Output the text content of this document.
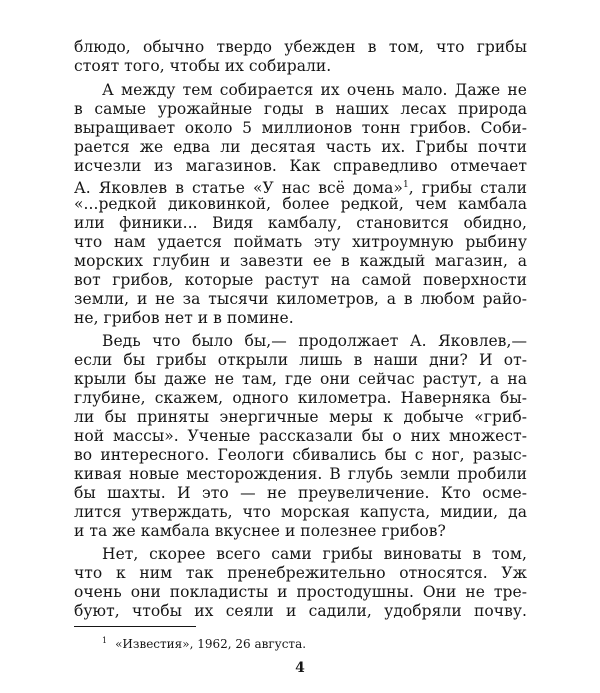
блюдо, обычно твердо убежден в том, что грибы
стоят того, чтобы их собирали.
А между тем собирается их очень мало. Даже не
в самые урожайные годы в наших лесах природа
выращивает около 5 миллионов тонн грибов. Соби-
рается же едва ли десятая часть их. Грибы почти
исчезли из магазинов. Как справедливо отмечает
А. Яковлев в статье «У нас всё дома»$^1$, грибы стали
«...редкой диковинкой, более редкой, чем камбала
или финики... Видя камбалу, становится обидно,
что нам удается поймать эту хитроумную рыбину
морских глубин и завезти ее в каждый магазин, а
вот грибов, которые растут на самой поверхности
земли, и не за тысячи километров, а в любом райо-
не, грибов нет и в помине.
Ведь что было бы,— продолжает А. Яковлев,—
если бы грибы открыли лишь в наши дни? И от-
крыли бы даже не там, где они сейчас растут, а на
глубине, скажем, одного километра. Наверняка бы-
ли бы приняты энергичные меры к добыче «гриб-
ной массы». Ученые рассказали бы о них множест-
во интересного. Геологи сбивались бы с ног, разыс-
кивая новые месторождения. В глубь земли пробили
бы шахты. И это — не преувеличение. Кто осме-
лится утверждать, что морская капуста, мидии, да
и та же камбала вкуснее и полезнее грибов?
Нет, скорее всего сами грибы виноваты в том,
что к ним так пренебрежительно относятся. Уж
очень они покладисты и простодушны. Они не тре-
буют, чтобы их сеяли и садили, удобряли почву.
$^1$ «Известия», 1962, 26 августа.
4
